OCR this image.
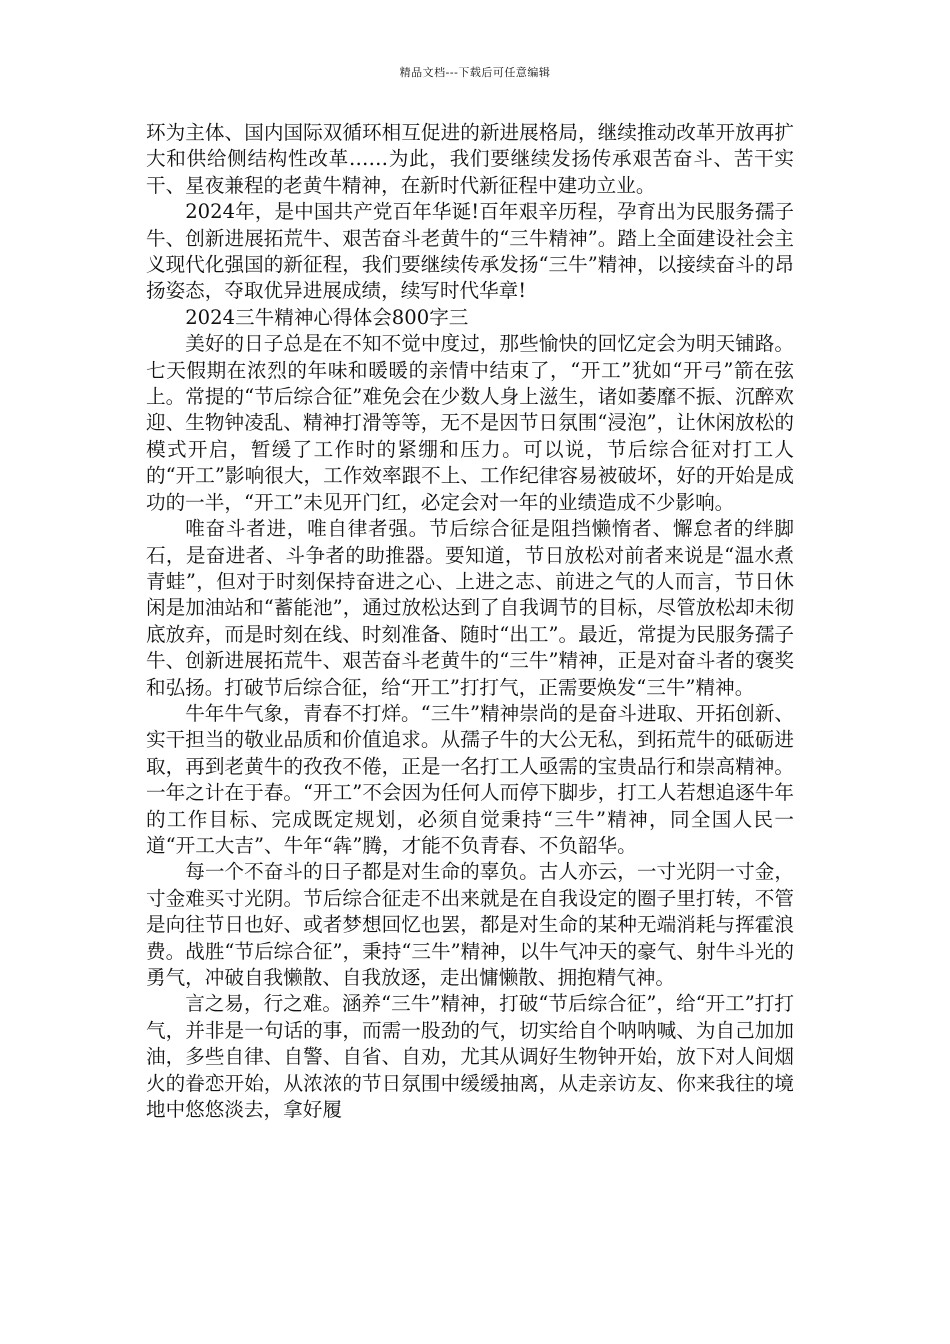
精品文档---下载后可任意编辑

环为主体、国内国际双循环相互促进的新进展格局，继续推动改革开放再扩大和供给侧结构性改革……为此，我们要继续发扬传承艰苦奋斗、苦干实干、星夜兼程的老黄牛精神，在新时代新征程中建功立业。

2024年，是中国共产党百年华诞!百年艰辛历程，孕育出为民服务孺子牛、创新进展拓荒牛、艰苦奋斗老黄牛的“三牛精神”。踏上全面建设社会主义现代化强国的新征程，我们要继续传承发扬“三牛”精神，以接续奋斗的昂扬姿态，夺取优异进展成绩，续写时代华章!

2024三牛精神心得体会800字三

美好的日子总是在不知不觉中度过，那些愉快的回忆定会为明天铺路。七天假期在浓烈的年味和暖暖的亲情中结束了，“开工”犹如“开弓”箭在弦上。常提的“节后综合征”难免会在少数人身上滋生，诸如萎靡不振、沉醉欢迎、生物钟凌乱、精神打滑等等，无不是因节日氛围“浸泡”，让休闲放松的模式开启，暂缓了工作时的紧绷和压力。可以说，节后综合征对打工人的“开工”影响很大，工作效率跟不上、工作纪律容易被破坏，好的开始是成功的一半，“开工”未见开门红，必定会对一年的业绩造成不少影响。

唯奋斗者进，唯自律者强。节后综合征是阻挡懒惰者、懈怠者的绊脚石，是奋进者、斗争者的助推器。要知道，节日放松对前者来说是“温水煮青蛙”，但对于时刻保持奋进之心、上进之志、前进之气的人而言，节日休闲是加油站和“蓄能池”，通过放松达到了自我调节的目标，尽管放松却未彻底放弃，而是时刻在线、时刻准备、随时“出工”。最近，常提为民服务孺子牛、创新进展拓荒牛、艰苦奋斗老黄牛的“三牛”精神，正是对奋斗者的褒奖和弘扬。打破节后综合征，给“开工”打打气，正需要焕发“三牛”精神。

牛年牛气象，青春不打烊。“三牛”精神崇尚的是奋斗进取、开拓创新、实干担当的敬业品质和价值追求。从孺子牛的大公无私，到拓荒牛的砥砺进取，再到老黄牛的孜孜不倦，正是一名打工人亟需的宝贵品行和崇高精神。一年之计在于春。“开工”不会因为任何人而停下脚步，打工人若想追逐牛年的工作目标、完成既定规划，必须自觉秉持“三牛”精神，同全国人民一道“开工大吉”、牛年“犇”腾，才能不负青春、不负韶华。

每一个不奋斗的日子都是对生命的辜负。古人亦云，一寸光阴一寸金，寸金难买寸光阴。节后综合征走不出来就是在自我设定的圈子里打转，不管是向往节日也好、或者梦想回忆也罢，都是对生命的某种无端消耗与挥霍浪费。战胜“节后综合征”，秉持“三牛”精神，以牛气冲天的豪气、射牛斗光的勇气，冲破自我懒散、自我放逐，走出慵懒散、拥抱精气神。

言之易，行之难。涵养“三牛”精神，打破“节后综合征”，给“开工”打打气，并非是一句话的事，而需一股劲的气，切实给自个呐呐喊、为自己加加油，多些自律、自警、自省、自劝，尤其从调好生物钟开始，放下对人间烟火的眷恋开始，从浓浓的节日氛围中缓缓抽离，从走亲访友、你来我往的境地中悠悠淡去，拿好履
